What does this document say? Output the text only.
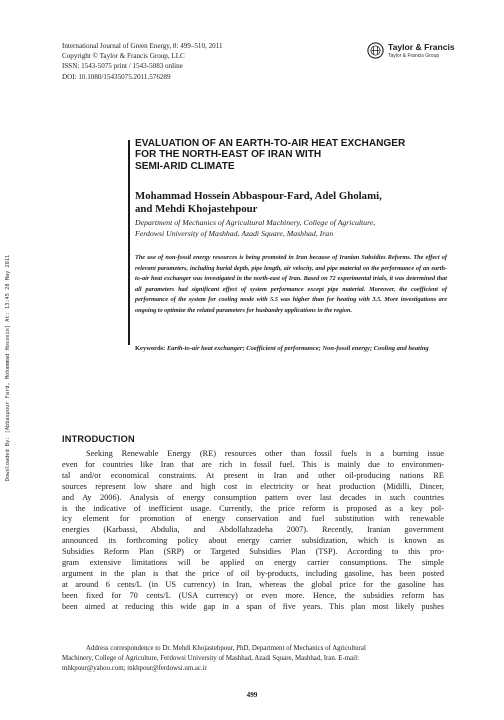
Downloaded By: [Abbaspour Fard, Mohammad Hossein] At: 13:45 28 May 2011
International Journal of Green Energy, 8: 499–510, 2011
Copyright © Taylor & Francis Group, LLC
ISSN: 1543-5075 print / 1543-5083 online
DOI: 10.1080/15435075.2011.576289
Taylor & Francis
Taylor & Francis Group
EVALUATION OF AN EARTH-TO-AIR HEAT EXCHANGER
FOR THE NORTH-EAST OF IRAN WITH
SEMI-ARID CLIMATE
Mohammad Hossein Abbaspour-Fard, Adel Gholami,
and Mehdi Khojastehpour
Department of Mechanics of Agricultural Machinery, College of Agriculture,
Ferdowsi University of Mashhad, Azadi Square, Mashhad, Iran
The use of non-fossil energy resources is being promoted in Iran because of Iranian Subsidies Reforms. The effect of relevant parameters, including burial depth, pipe length, air velocity, and pipe material on the performance of an earth-to-air heat exchanger was investigated in the north-east of Iran. Based on 72 experimental trials, it was determined that all parameters had significant effect of system performance except pipe material. Moreover, the coefficient of performance of the system for cooling mode with 5.5 was higher than for heating with 3.5. More investigations are ongoing to optimize the related parameters for husbandry applications in the region.
Keywords: Earth-to-air heat exchanger; Coefficient of performance; Non-fossil energy; Cooling and heating
INTRODUCTION
Seeking Renewable Energy (RE) resources other than fossil fuels is a burning issue
even for countries like Iran that are rich in fossil fuel. This is mainly due to environmen-
tal and/or economical constraints. At present in Iran and other oil-producing nations RE
sources represent low share and high cost in electricity or heat production (Midilli, Dincer,
and Ay 2006). Analysis of energy consumption pattern over last decades in such countries
is the indicative of inefficient usage. Currently, the price reform is proposed as a key pol-
icy element for promotion of energy conservation and fuel substitution with renewable
energies (Karbassi, Abdulia, and Abdollahzadeha 2007). Recently, Iranian government
announced its forthcoming policy about energy carrier subsidization, which is known as
Subsidies Reform Plan (SRP) or Targeted Subsidies Plan (TSP). According to this pro-
gram extensive limitations will be applied on energy carrier consumptions. The simple
argument in the plan is that the price of oil by-products, including gasoline, has been posted
at around 6 cents/L (in US currency) in Iran, whereas the global price for the gasoline has
been fixed for 70 cents/L (USA currency) or even more. Hence, the subsidies reform has
been aimed at reducing this wide gap in a span of five years. This plan most likely pushes
Address correspondence to Dr. Mehdi Khojastehpour, PhD, Department of Mechanics of Agricultural
Machinery, College of Agriculture, Ferdowsi University of Mashhad, Azadi Square, Mashhad, Iran. E-mail:
mhkpour@yahoo.com; mkhpour@ferdowsi.um.ac.ir
499
